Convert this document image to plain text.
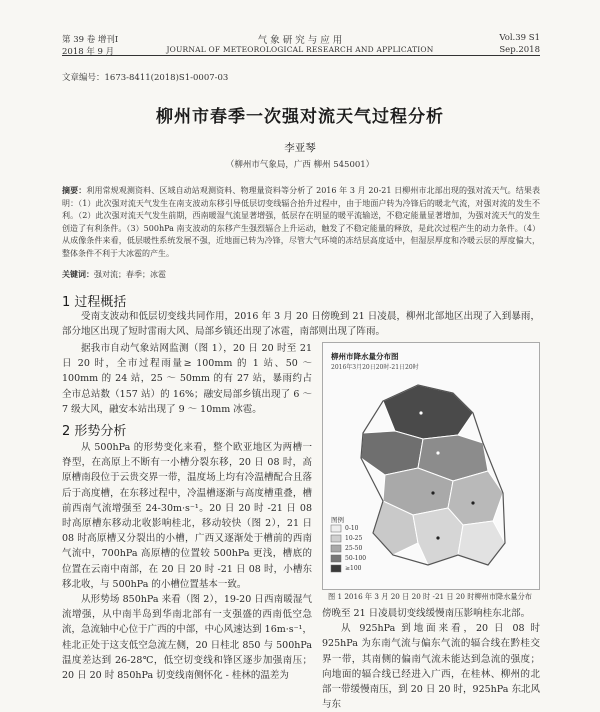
第 39 卷 增刊Ⅰ
2018 年 9 月
气 象 研 究 与 应 用
JOURNAL OF METEOROLOGICAL RESEARCH AND APPLICATION
Vol.39 S1
Sep.2018
文章编号：1673-8411(2018)S1-0007-03
柳州市春季一次强对流天气过程分析
李亚琴
（柳州市气象局，广西 柳州 545001）
摘要：利用常规观测资料、区域自动站观测资料、物理量资料等分析了 2016 年 3 月 20-21 日柳州市北部出现的强对流天气。结果表明：（1）此次强对流天气发生在南支波动东移引导低层切变线辐合抬升过程中，由于地面户转为冷锋后的暖北气流，对强对流的发生不利。（2）此次强对流天气发生前期，西南暖湿气流显著增强，低层存在明显的暖平流输送，不稳定能量显著增加，为强对流天气的发生创造了有利条件。（3）500hPa 南支波动的东移产生强烈辐合上升运动，触发了不稳定能量的释放，是此次过程产生的动力条件。（4）从成像条件来看，低层暖性系统发展不强，近地面已转为冷锋，尽管大气环境的冻结层高度适中，但湿层厚度和冷暖云层的厚度偏大，整体条件不利于大冰雹的产生。
关键词：强对流；春季；冰雹
1 过程概括

受南支波动和低层切变线共同作用，2016 年 3 月 20 日傍晚到 21 日凌晨，柳州北部地区出现了入到暴雨，部分地区出现了短时雷雨大风、局部乡镇还出现了冰雹，南部则出现了阵雨。

据我市自动气象站网监测（图 1），20 日 20 时至 21 日 20 时，全市过程雨量≥ 100mm 的 1 站、50 ～ 100mm 的 24 站，25 ～ 50mm 的有 27 站，暴雨约占全市总站数（157 站）的 16%；融安局部乡镇出现了 6 ～ 7 级大风，融安本站出现了 9 ～ 10mm 冰雹。

2 形势分析

从 500hPa 的形势变化来看，整个欧亚地区为两槽一脊型，在高原上不断有一小槽分裂东移，20 日 08 时，高原槽南段位于云贵交界一带，温度场上均有冷温槽配合且落后于高度槽，在东移过程中，冷温槽逐渐与高度槽重叠，槽前西南气流增强至 24-30m·s⁻¹。20 日 20 时 -21 日 08 时高原槽东移动北收影响桂北，移动较快（图 2），21 日 08 时高原槽又分裂出的小槽，广西又逐渐处于槽前的西南气流中，700hPa 高原槽的位置较 500hPa 更浅，槽底的位置在云南中南部，在 20 日 20 时 -21 日 08 时，小槽东移北收，与 500hPa 的小槽位置基本一致。

从形势场 850hPa 来看（图 2），19-20 日西南暖湿气流增强，从中南半岛到华南北部有一支强盛的西南低空急流，急流轴中心位于广西的中部，中心风速达到 16m·s⁻¹，桂北正处于这支低空急流左侧，20 日桂北 850 与 500hPa 温度差达到 26-28℃，低空切变线和锋区逐步加强南压；20 日 20 时 850hPa 切变线南侧怀化 - 桂林的温差为

柳州市降水量分布图
2016年3月20日20时-21日20时
图例
0-10
10-25
25-50
50-100
≥100
图 1 2016 年 3 月 20 日 20 时 -21 日 20 时柳州市降水量分布

傍晚至 21 日凌晨切变线缓慢南压影响桂东北部。

从 925hPa 到地面来看，20 日 08 时 925hPa 为东南气流与偏东气流的辐合线在黔桂交界一带，其南侧的偏南气流未能达到急流的强度；向地面的辐合线已经进入广西，在桂林、柳州的北部一带缓慢南压，到 20 日 20 时，925hPa 东北风与东
